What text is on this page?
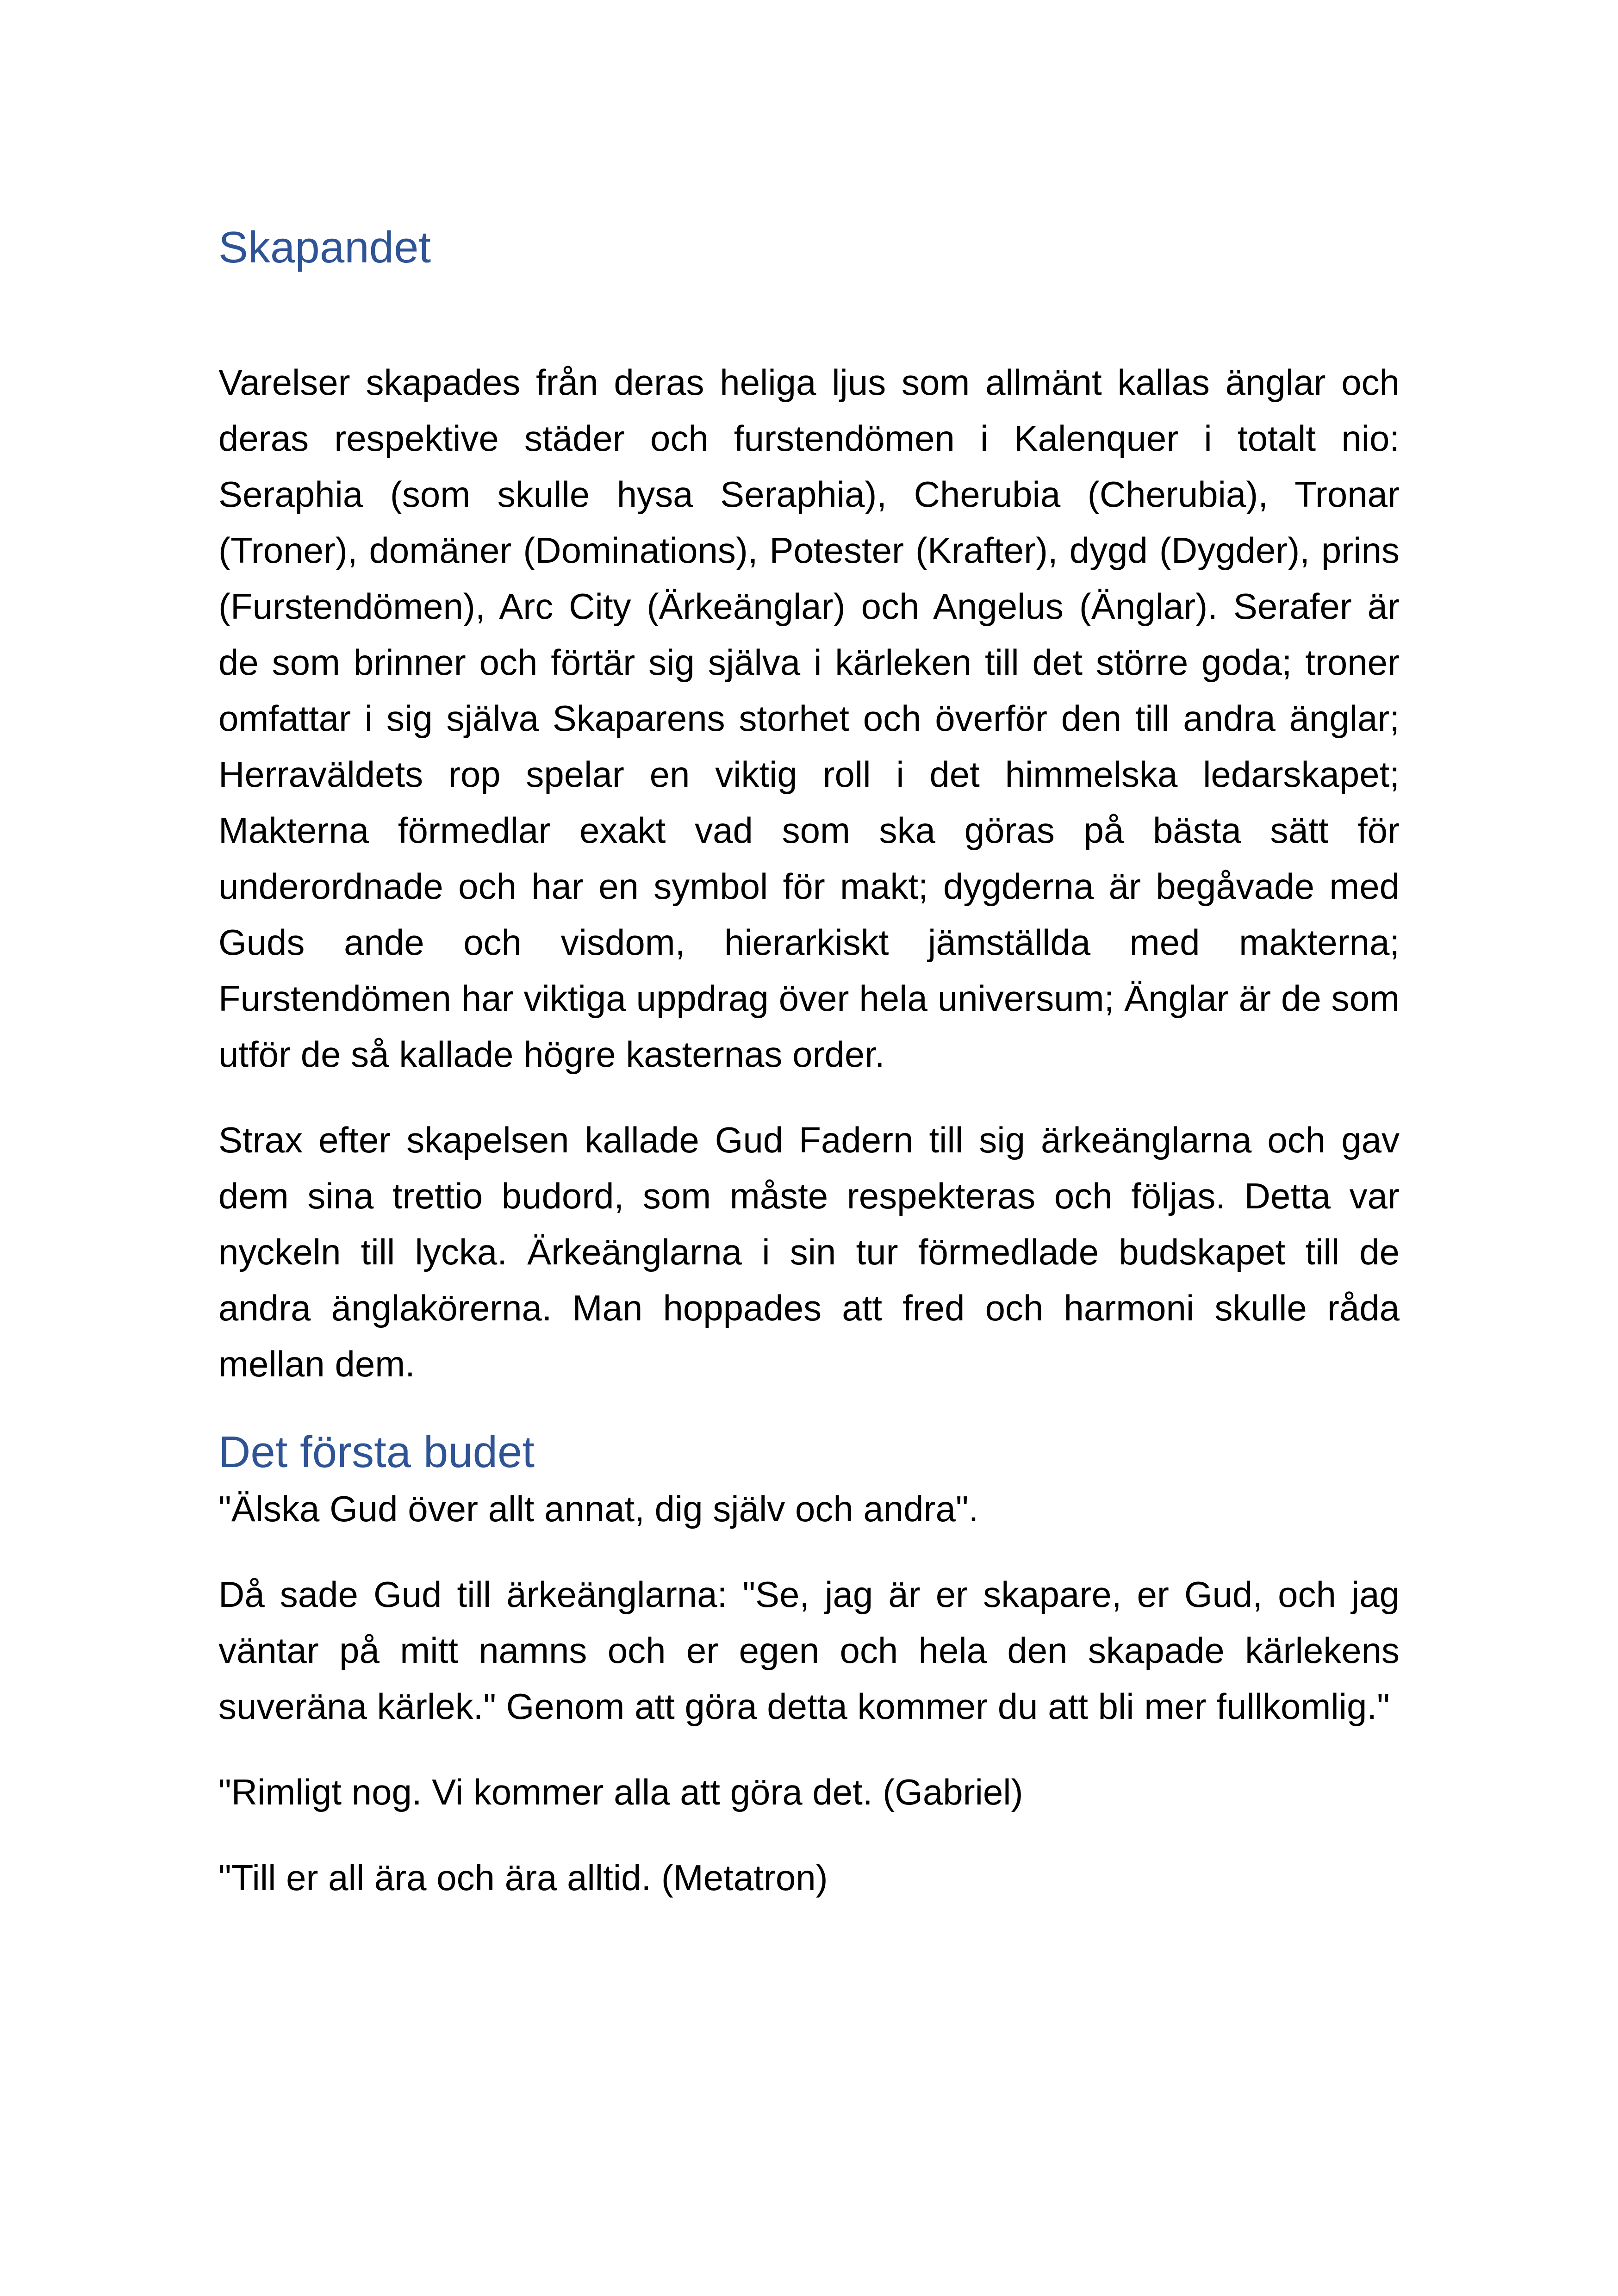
Skapandet

Varelser skapades från deras heliga ljus som allmänt kallas änglar och deras respektive städer och furstendömen i Kalenquer i totalt nio: Seraphia (som skulle hysa Seraphia), Cherubia (Cherubia), Tronar (Troner), domäner (Dominations), Potester (Krafter), dygd (Dygder), prins (Furstendömen), Arc City (Ärkeänglar) och Angelus (Änglar). Serafer är de som brinner och förtär sig själva i kärleken till det större goda; troner omfattar i sig själva Skaparens storhet och överför den till andra änglar; Herraväldets rop spelar en viktig roll i det himmelska ledarskapet; Makterna förmedlar exakt vad som ska göras på bästa sätt för underordnade och har en symbol för makt; dygderna är begåvade med Guds ande och visdom, hierarkiskt jämställda med makterna; Furstendömen har viktiga uppdrag över hela universum; Änglar är de som utför de så kallade högre kasternas order.

Strax efter skapelsen kallade Gud Fadern till sig ärkeänglarna och gav dem sina trettio budord, som måste respekteras och följas. Detta var nyckeln till lycka. Ärkeänglarna i sin tur förmedlade budskapet till de andra änglakörerna. Man hoppades att fred och harmoni skulle råda mellan dem.

Det första budet

"Älska Gud över allt annat, dig själv och andra".

Då sade Gud till ärkeänglarna: "Se, jag är er skapare, er Gud, och jag väntar på mitt namns och er egen och hela den skapade kärlekens suveräna kärlek." Genom att göra detta kommer du att bli mer fullkomlig."

"Rimligt nog. Vi kommer alla att göra det. (Gabriel)

"Till er all ära och ära alltid. (Metatron)
